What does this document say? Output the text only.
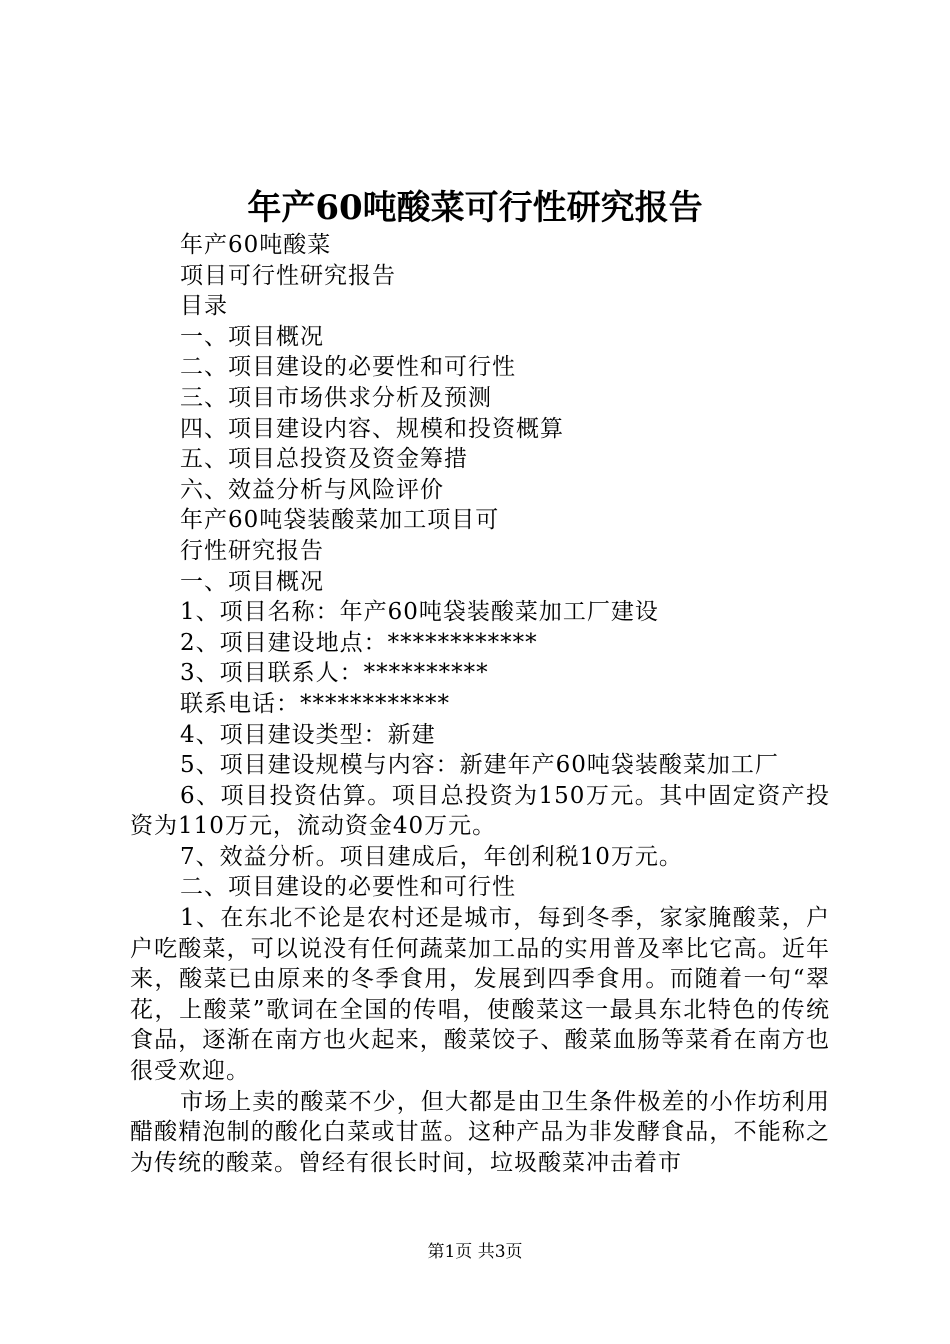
年产60吨酸菜可行性研究报告
年产60吨酸菜
项目可行性研究报告
目录
一、项目概况
二、项目建设的必要性和可行性
三、项目市场供求分析及预测
四、项目建设内容、规模和投资概算
五、项目总投资及资金筹措
六、效益分析与风险评价
年产60吨袋装酸菜加工项目可
行性研究报告
一、项目概况
1、项目名称：年产60吨袋装酸菜加工厂建设
2、项目建设地点：************
3、项目联系人：**********
联系电话：************
4、项目建设类型：新建
5、项目建设规模与内容：新建年产60吨袋装酸菜加工厂
6、项目投资估算。项目总投资为150万元。其中固定资产投资为110万元，流动资金40万元。
7、效益分析。项目建成后，年创利税10万元。
二、项目建设的必要性和可行性
1、在东北不论是农村还是城市，每到冬季，家家腌酸菜，户户吃酸菜，可以说没有任何蔬菜加工品的实用普及率比它高。近年来，酸菜已由原来的冬季食用，发展到四季食用。而随着一句“翠花，上酸菜”歌词在全国的传唱，使酸菜这一最具东北特色的传统食品，逐渐在南方也火起来，酸菜饺子、酸菜血肠等菜肴在南方也很受欢迎。
市场上卖的酸菜不少，但大都是由卫生条件极差的小作坊利用醋酸精泡制的酸化白菜或甘蓝。这种产品为非发酵食品，不能称之为传统的酸菜。曾经有很长时间，垃圾酸菜冲击着市
第1页 共3页
